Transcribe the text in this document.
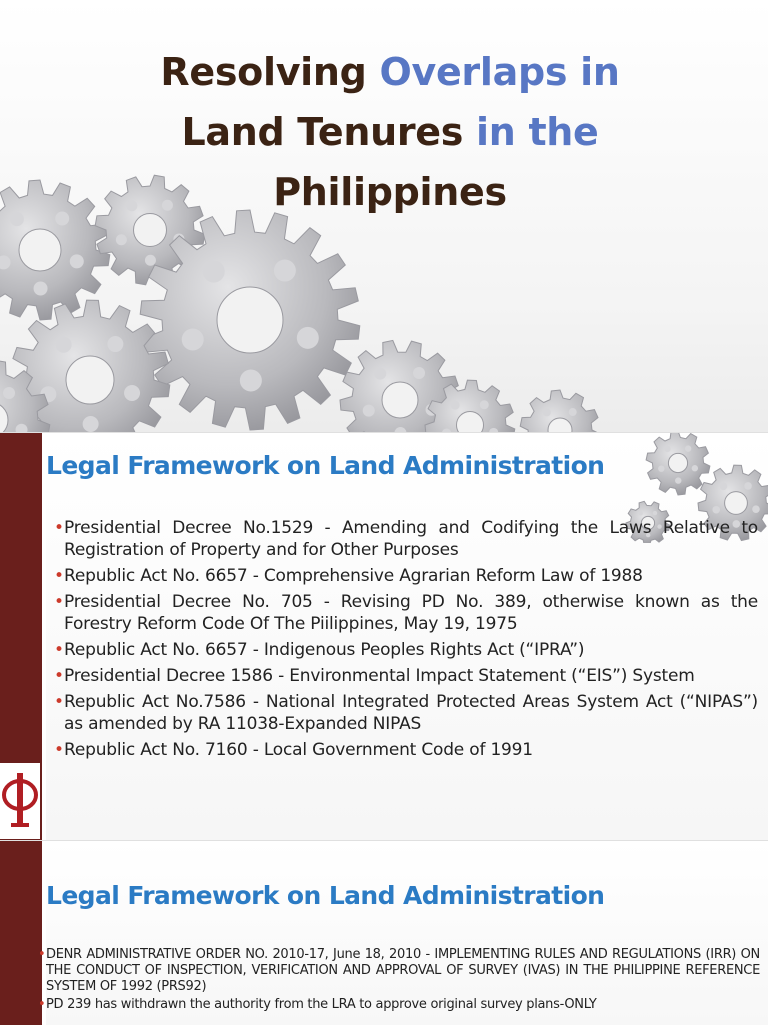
Resolving Overlaps in
Land Tenures in the
Philippines
Legal Framework on Land Administration
• Presidential Decree No.1529 - Amending and Codifying the Laws Relative to Registration of Property and for Other Purposes
• Republic Act No. 6657 - Comprehensive Agrarian Reform Law of 1988
• Presidential Decree No. 705 - Revising PD No. 389, otherwise known as the Forestry Reform Code Of The Piilippines, May 19, 1975
• Republic Act No. 6657 - Indigenous Peoples Rights Act (“IPRA”)
• Presidential Decree 1586 - Environmental Impact Statement (“EIS”) System
• Republic Act No.7586 - National Integrated Protected Areas System Act (“NIPAS”) as amended by RA 11038-Expanded NIPAS
• Republic Act No. 7160 - Local Government Code of 1991
Legal Framework on Land Administration
• DENR ADMINISTRATIVE ORDER NO. 2010-17, June 18, 2010 - IMPLEMENTING RULES AND REGULATIONS (IRR) ON THE CONDUCT OF INSPECTION, VERIFICATION AND APPROVAL OF SURVEY (IVAS) IN THE PHILIPPINE REFERENCE SYSTEM OF 1992 (PRS92)
• PD 239 has withdrawn the authority from the LRA to approve original survey plans-ONLY
